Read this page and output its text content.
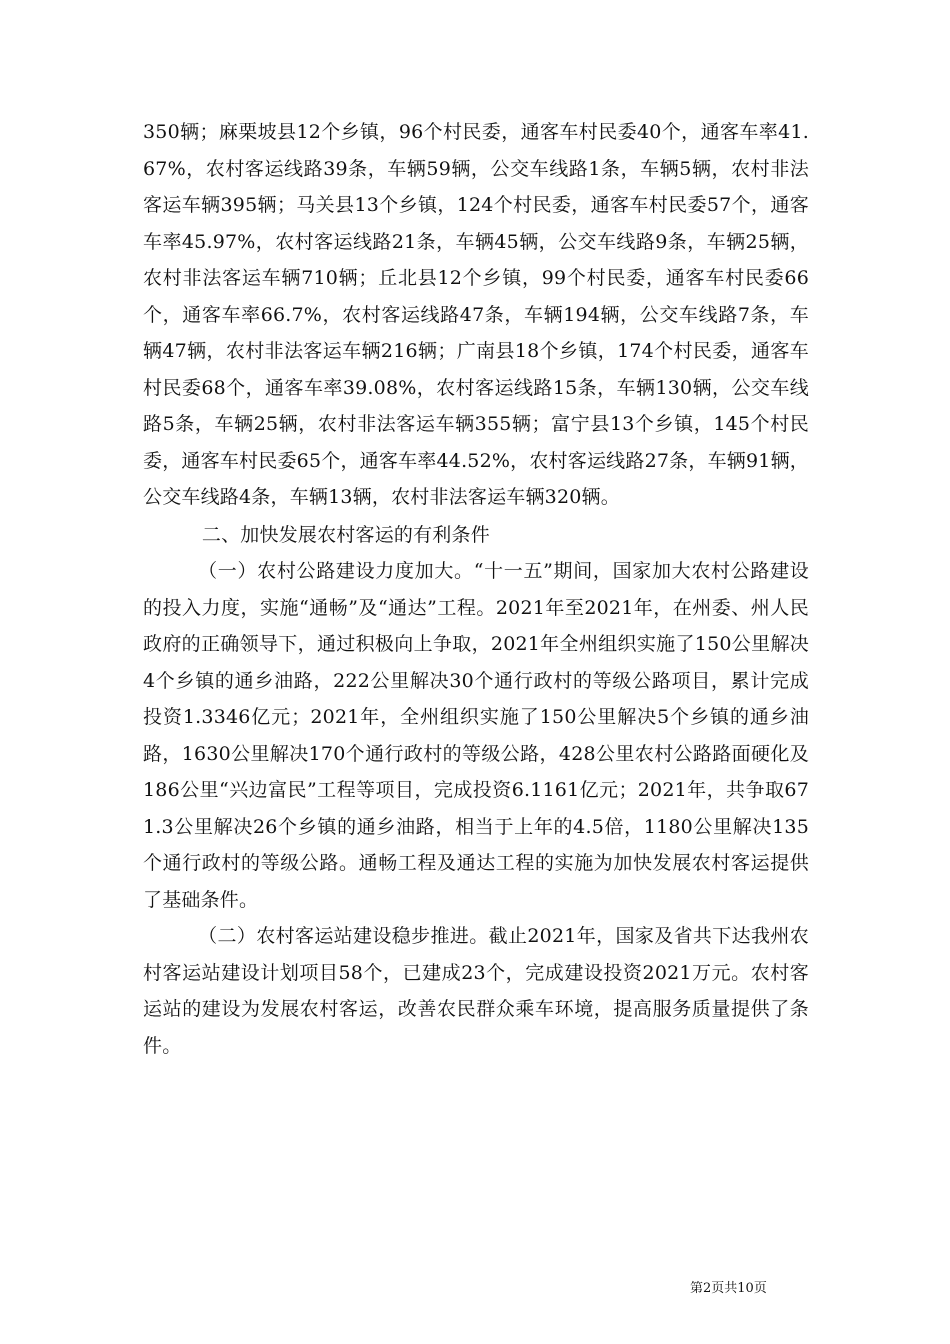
350辆；麻栗坡县12个乡镇，96个村民委，通客车村民委40个，通客车率41.67%，农村客运线路39条，车辆59辆，公交车线路1条，车辆5辆，农村非法客运车辆395辆；马关县13个乡镇，124个村民委，通客车村民委57个，通客车率45.97%，农村客运线路21条，车辆45辆，公交车线路9条，车辆25辆，农村非法客运车辆710辆；丘北县12个乡镇，99个村民委，通客车村民委66个，通客车率66.7%，农村客运线路47条，车辆194辆，公交车线路7条，车辆47辆，农村非法客运车辆216辆；广南县18个乡镇，174个村民委，通客车村民委68个，通客车率39.08%，农村客运线路15条，车辆130辆，公交车线路5条，车辆25辆，农村非法客运车辆355辆；富宁县13个乡镇，145个村民委，通客车村民委65个，通客车率44.52%，农村客运线路27条，车辆91辆，公交车线路4条，车辆13辆，农村非法客运车辆320辆。

二、加快发展农村客运的有利条件

（一）农村公路建设力度加大。“十一五”期间，国家加大农村公路建设的投入力度，实施“通畅”及“通达”工程。2021年至2021年，在州委、州人民政府的正确领导下，通过积极向上争取，2021年全州组织实施了150公里解决4个乡镇的通乡油路，222公里解决30个通行政村的等级公路项目，累计完成投资1.3346亿元；2021年，全州组织实施了150公里解决5个乡镇的通乡油路，1630公里解决170个通行政村的等级公路，428公里农村公路路面硬化及186公里“兴边富民”工程等项目，完成投资6.1161亿元；2021年，共争取671.3公里解决26个乡镇的通乡油路，相当于上年的4.5倍，1180公里解决135个通行政村的等级公路。通畅工程及通达工程的实施为加快发展农村客运提供了基础条件。

（二）农村客运站建设稳步推进。截止2021年，国家及省共下达我州农村客运站建设计划项目58个，已建成23个，完成建设投资2021万元。农村客运站的建设为发展农村客运，改善农民群众乘车环境，提高服务质量提供了条件。

第2页共10页
